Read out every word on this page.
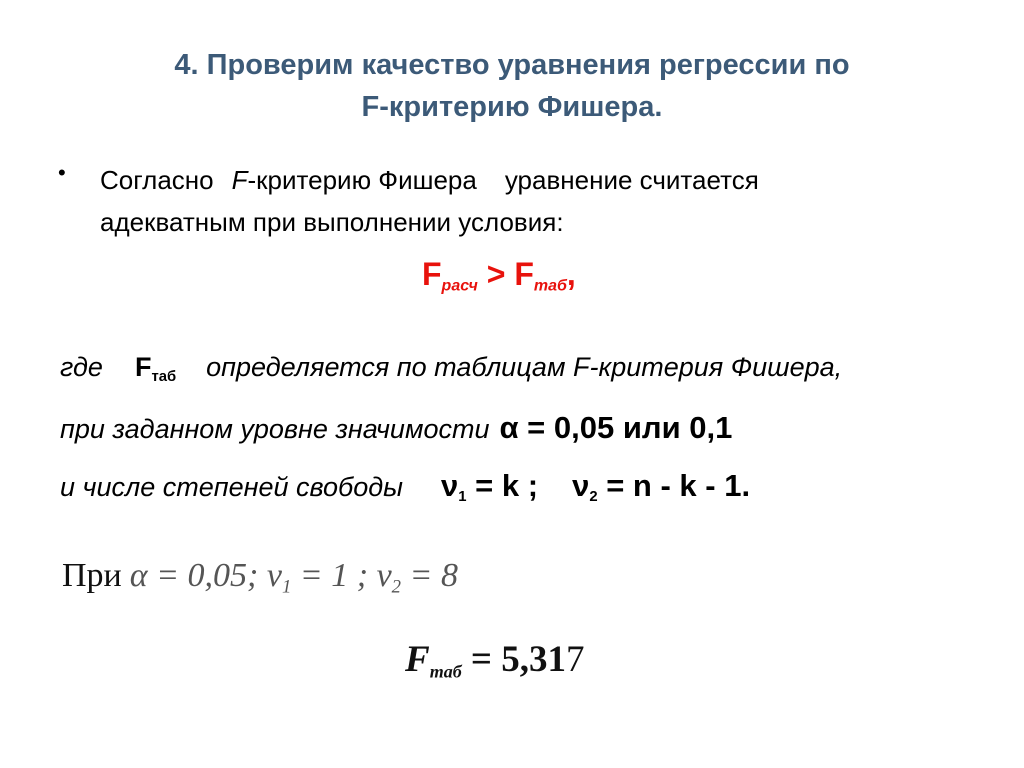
4. Проверим качество уравнения регрессии по
F-критерию Фишера.
• Согласно F-критерию Фишера уравнение считается
адекватным при выполнении условия:
$F_{расч} > F_{таб}$,
где $F_{таб}$ определяется по таблицам F-критерия Фишера,
при заданном уровне значимости α = 0,05 или 0,1
и числе степеней свободы $\nu_1 = k$ ; $\nu_2 = n - k - 1$.
При α = 0,05; $\nu_1 = 1$ ; $\nu_2 = 8$
$F_{таб} = 5,317$
